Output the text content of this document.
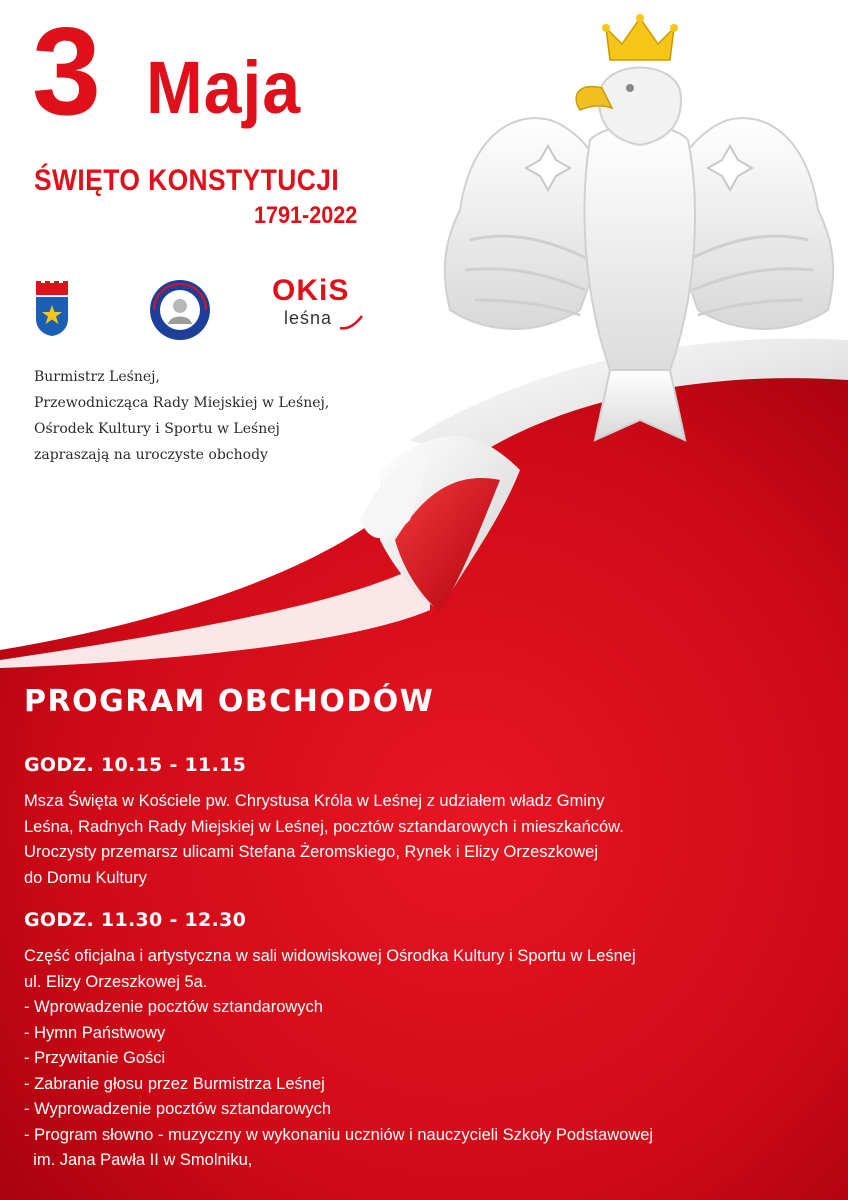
3 Maja
ŚWIĘTO KONSTYTUCJI
1791-2022
OKiS
leśna
Burmistrz Leśnej,
Przewodnicząca Rady Miejskiej w Leśnej,
Ośrodek Kultury i Sportu w Leśnej
zapraszają na uroczyste obchody
PROGRAM OBCHODÓW
GODZ. 10.15 - 11.15
Msza Święta w Kościele pw. Chrystusa Króla w Leśnej z udziałem władz Gminy
Leśna, Radnych Rady Miejskiej w Leśnej, pocztów sztandarowych i mieszkańców.
Uroczysty przemarsz ulicami Stefana Żeromskiego, Rynek i Elizy Orzeszkowej
do Domu Kultury
GODZ. 11.30 - 12.30
Część oficjalna i artystyczna w sali widowiskowej Ośrodka Kultury i Sportu w Leśnej
ul. Elizy Orzeszkowej 5a.
- Wprowadzenie pocztów sztandarowych
- Hymn Państwowy
- Przywitanie Gości
- Zabranie głosu przez Burmistrza Leśnej
- Wyprowadzenie pocztów sztandarowych
- Program słowno - muzyczny w wykonaniu uczniów i nauczycieli Szkoły Podstawowej
im. Jana Pawła II w Smolniku,
